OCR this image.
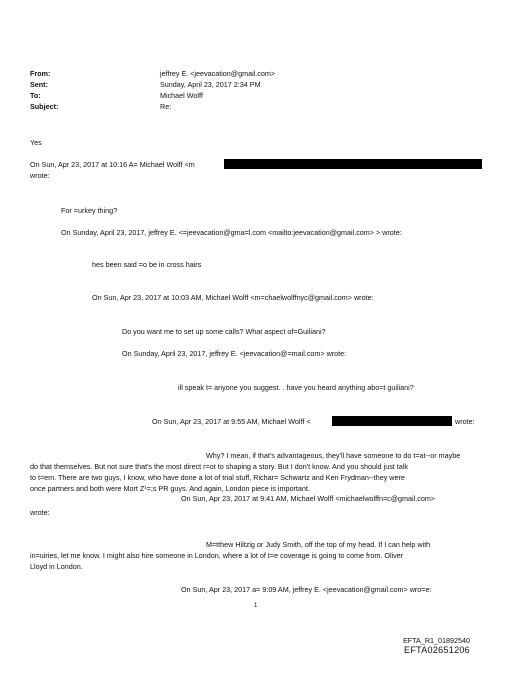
From:	jeffrey E. <jeevacation@gmail.com>

Sent:	Sunday, April 23, 2017 2:34 PM

To:	Michael Wolff

Subject:	Re:

Yes

On Sun, Apr 23, 2017 at 10:16 A= Michael Wolff <m

wrote:

For =urkey thing?

On Sunday, April 23, 2017, jeffrey E. <=jeevacation@gma=l.com <mailto:jeevacation@gmail.com> > wrote:

hes been said =o be in cross hairs

On Sun, Apr 23, 2017 at 10:03 AM, Michael Wolff <m=chaelwolffnyc@gmail.com> wrote:

Do you want me to set up some calls? What aspect of=Guiliani?

On Sunday, April 23, 2017, jeffrey E. <jeevacation@=mail.com> wrote:

ill speak t= anyone you suggest. . have you heard anything abo=t guiliani?

On Sun, Apr 23, 2017 at 9:55 AM, Michael Wolff <	wrote:

Why? I mean, if that's advantageous, they'll have someone to do t=at--or maybe

do that themselves. But not sure that's the most direct r=ot to shaping a story. But I don't know. And you should just talk

to t=em. There are two guys, I know, who have done a lot of trial stuff, Richar= Schwartz and Ken Frydman--they were

once partners and both were Mort Z¹=;s PR guys. And again, London piece is important.

On Sun, Apr 23, 2017 at 9:41 AM, Michael Wolff <michaelwolffn=c@gmail.com>

wrote:

M=tthew Hiltzig or Judy Smith, off the top of my head. If I can help with

in=uiries, let me know. I might also hire someone in London, where a lot of t=e coverage is going to come from. Oliver

Lloyd in London.

On Sun, Apr 23, 2017 a= 9:09 AM, jeffrey E. <jeevacation@gmail.com> wro=e:

1

EFTA_R1_01892540
EFTA02651206
